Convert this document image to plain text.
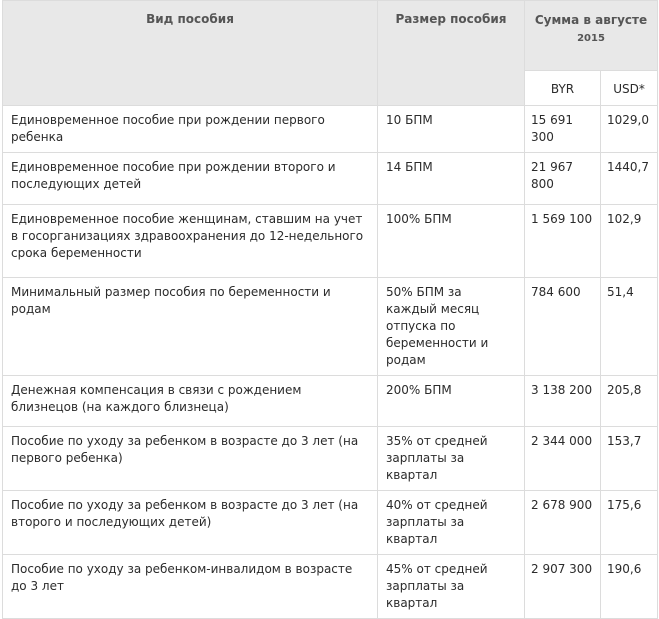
Вид пособия	Размер пособия	Сумма в августе
2015	

		BYR	USD*
Единовременное пособие при рождении первого ребенка	10 БПМ	15 691 300	1029,0
Единовременное пособие при рождении второго и последующих детей	14 БПМ	21 967 800	1440,7
Единовременное пособие женщинам, ставшим на учет в госорганизациях здравоохранения до 12-недельного срока беременности	100% БПМ	1 569 100	102,9
Минимальный размер пособия по беременности и родам	50% БПМ за каждый месяц отпуска по беременности и родам	784 600	51,4
Денежная компенсация в связи с рождением близнецов (на каждого близнеца)	200% БПМ	3 138 200	205,8
Пособие по уходу за ребенком в возрасте до 3 лет (на первого ребенка)	35% от средней зарплаты за квартал	2 344 000	153,7
Пособие по уходу за ребенком в возрасте до 3 лет (на второго и последующих детей)	40% от средней зарплаты за квартал	2 678 900	175,6
Пособие по уходу за ребенком-инвалидом в возрасте до 3 лет	45% от средней зарплаты за квартал	2 907 300	190,6
